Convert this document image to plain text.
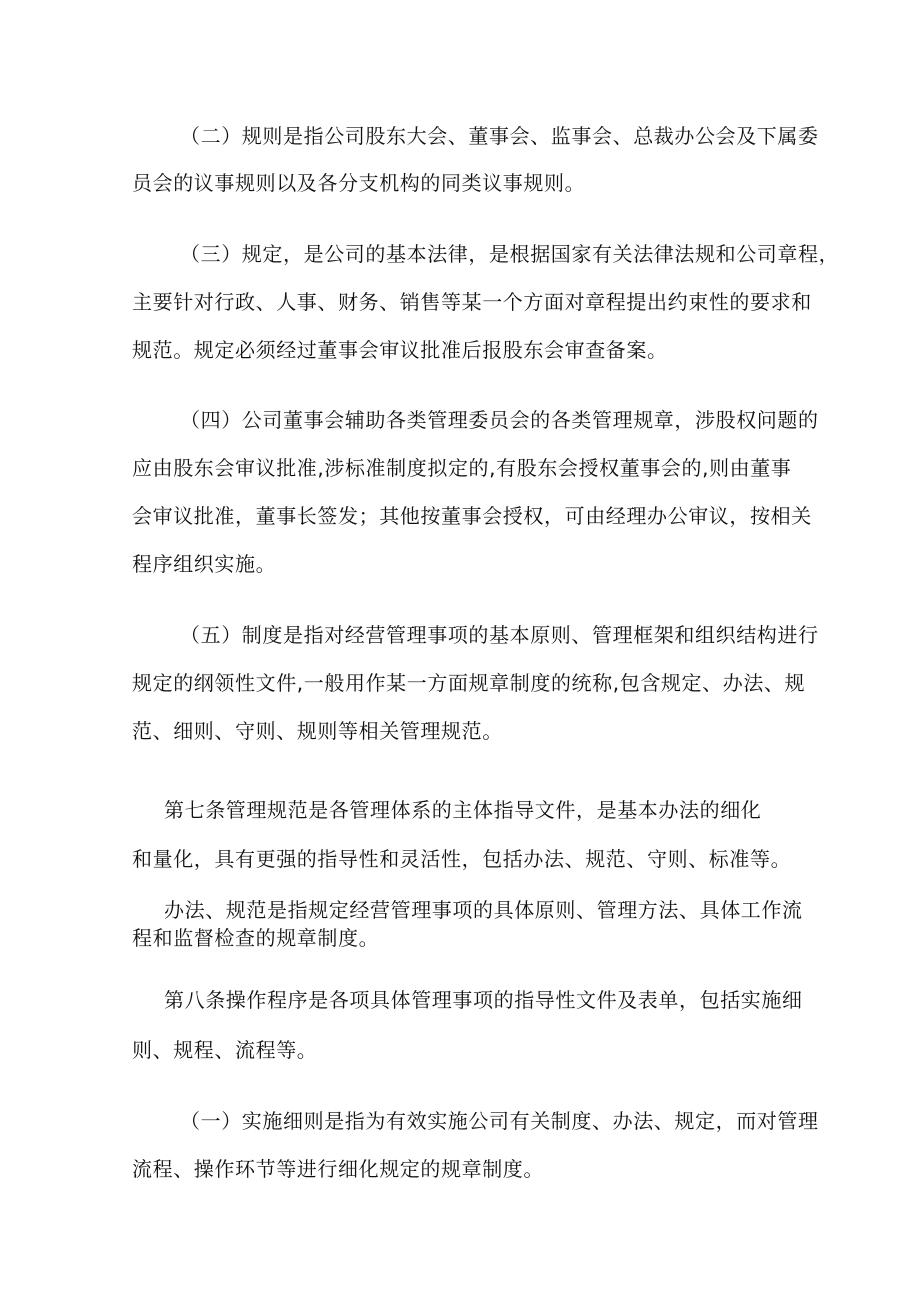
（二）规则是指公司股东大会、董事会、监事会、总裁办公会及下属委
员会的议事规则以及各分支机构的同类议事规则。
（三）规定，是公司的基本法律，是根据国家有关法律法规和公司章程，
主要针对行政、人事、财务、销售等某一个方面对章程提出约束性的要求和
规范。规定必须经过董事会审议批准后报股东会审查备案。
（四）公司董事会辅助各类管理委员会的各类管理规章，涉股权问题的
应由股东会审议批准,涉标准制度拟定的,有股东会授权董事会的,则由董事
会审议批准，董事长签发；其他按董事会授权，可由经理办公审议，按相关
程序组织实施。
（五）制度是指对经营管理事项的基本原则、管理框架和组织结构进行
规定的纲领性文件,一般用作某一方面规章制度的统称,包含规定、办法、规
范、细则、守则、规则等相关管理规范。
第七条管理规范是各管理体系的主体指导文件，是基本办法的细化
和量化，具有更强的指导性和灵活性，包括办法、规范、守则、标准等。
办法、规范是指规定经营管理事项的具体原则、管理方法、具体工作流
程和监督检查的规章制度。
第八条操作程序是各项具体管理事项的指导性文件及表单，包括实施细
则、规程、流程等。
（一）实施细则是指为有效实施公司有关制度、办法、规定，而对管理
流程、操作环节等进行细化规定的规章制度。
